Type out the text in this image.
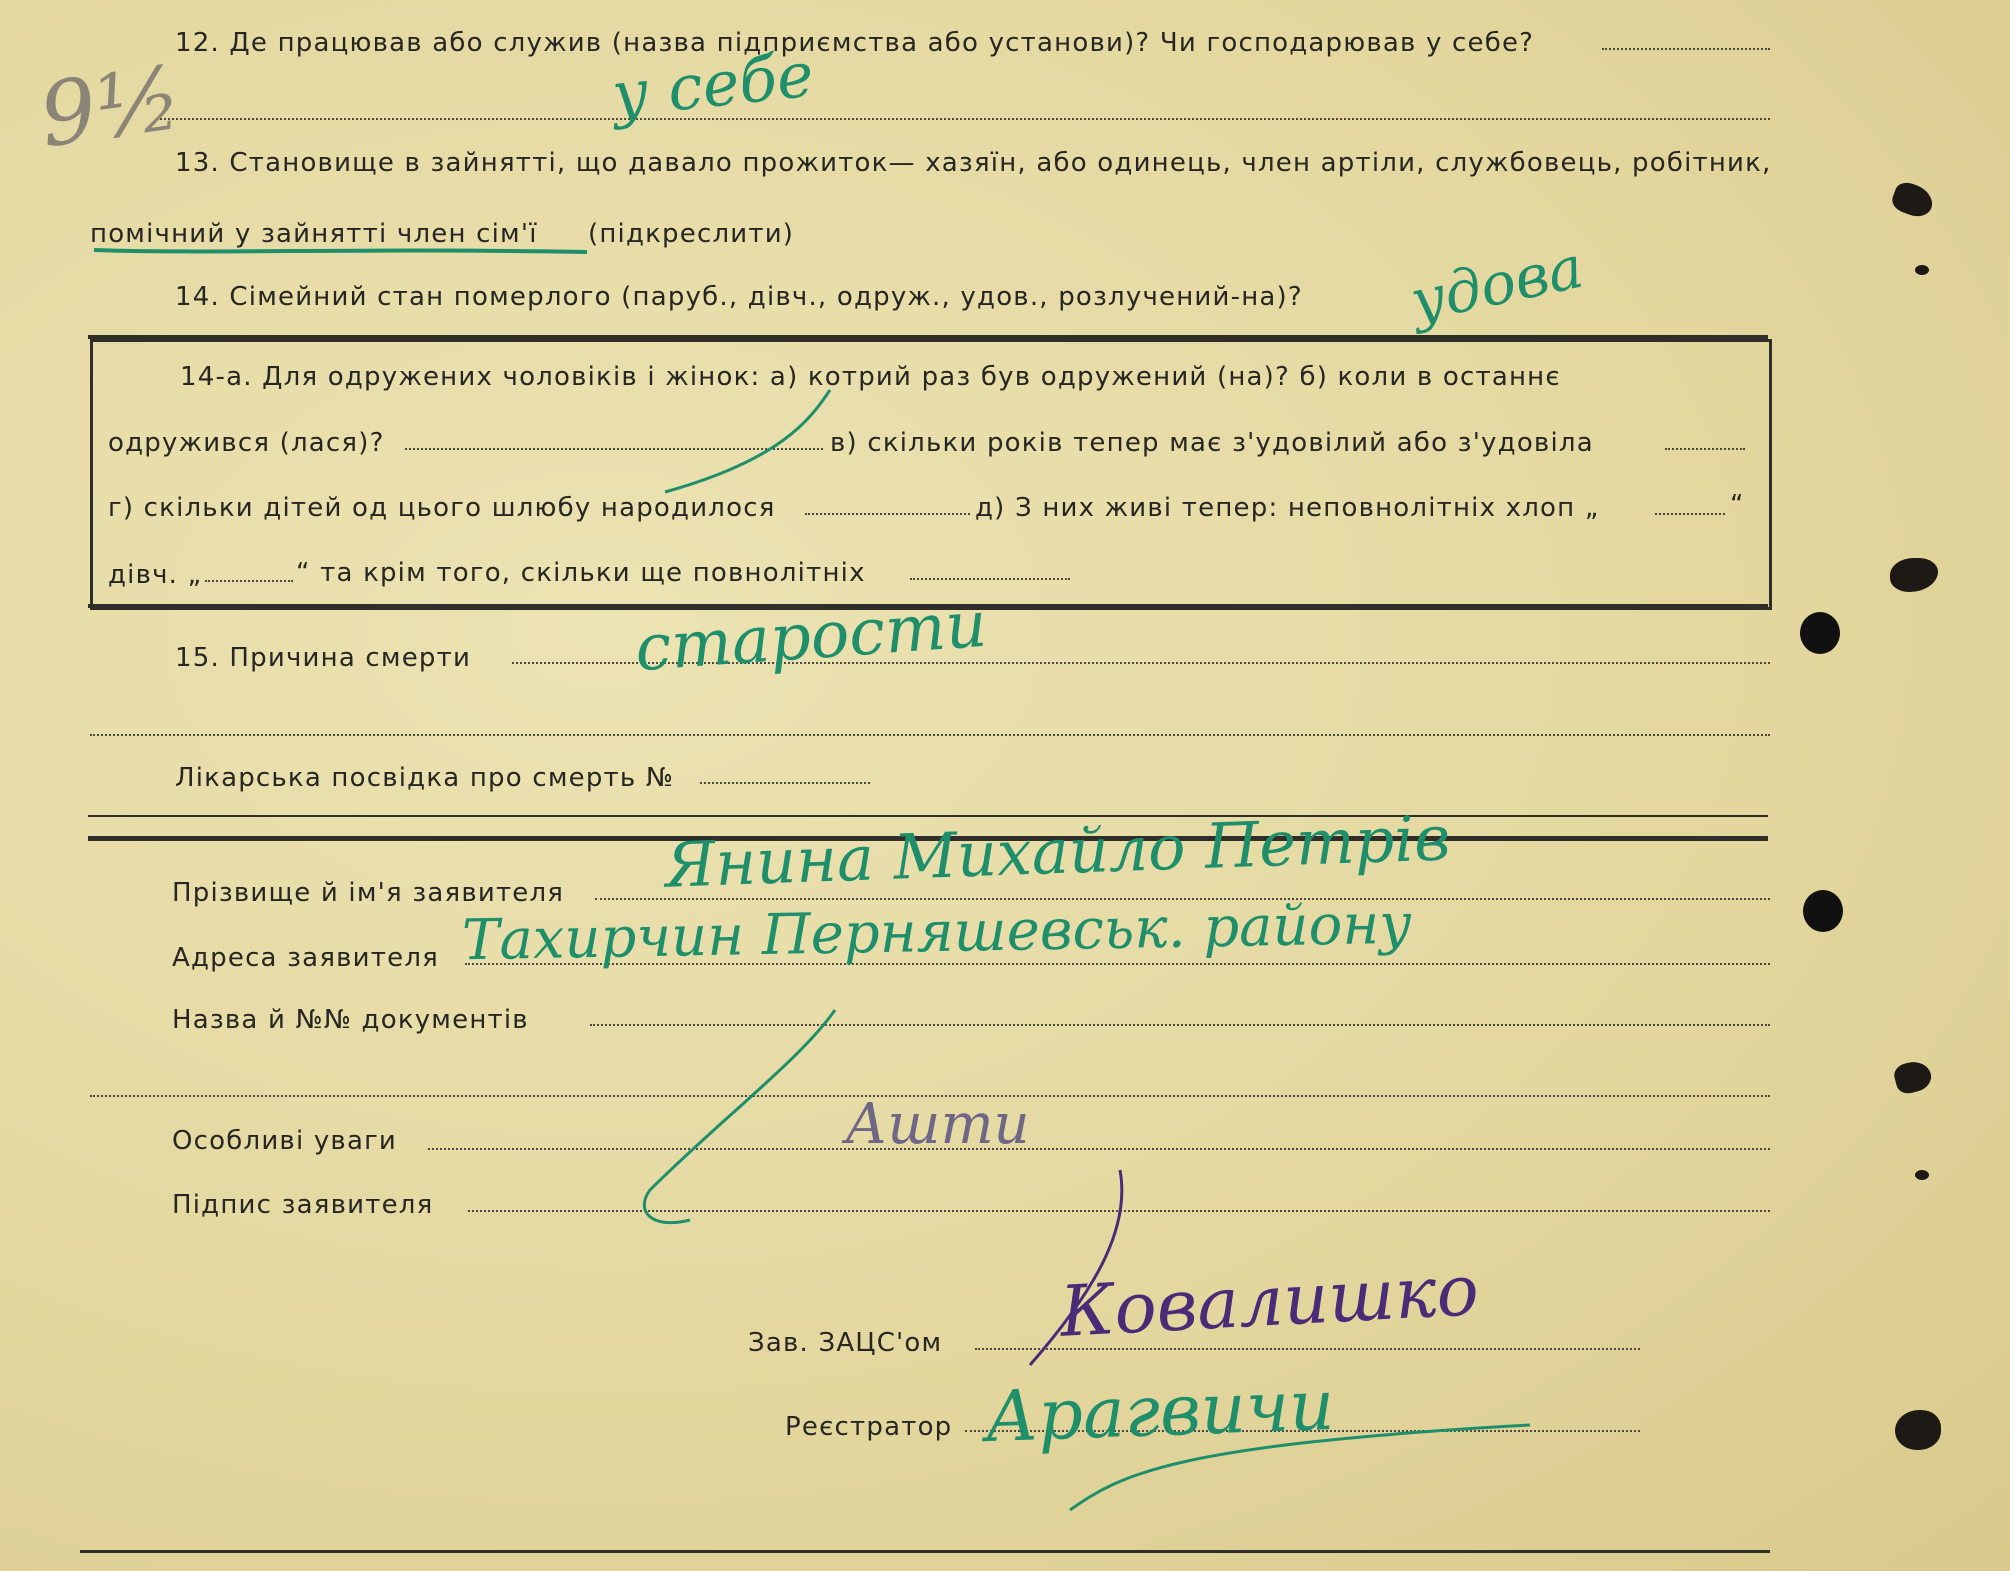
9½
12. Де працював або служив (назва підприємства або установи)? Чи господарював у себе?
у себе
13. Становище в зайнятті, що давало прожиток— хазяїн, або одинець, член артіли, службовець, робітник,
помічний у зайнятті член сім'ї (підкреслити)
14. Сімейний стан померлого (паруб., дівч., одруж., удов., розлучений-на)? удова
14-а. Для одружених чоловіків і жінок: а) котрий раз був одружений (на)? б) коли в останнє
одружився (лася)?	в) скільки років тепер має з'удовілий або з'удовіла
г) скільки дітей од цього шлюбу народилося	д) З них живі тепер: неповнолітніх хлоп „	“
дівч. „	“ та крім того, скільки ще повнолітніх
15. Причина смерти	старости
Лікарська посвідка про смерть №
Прізвище й ім'я заявителя Янина Михайло Петрів
Адреса заявителя Тахирчин Перняшевськ. району
Назва й №№ документів
Особливі уваги	Ашти
Підпис заявителя
Зав. ЗАЦС'ом Ковалишко
Реєстратор Арагвичи
